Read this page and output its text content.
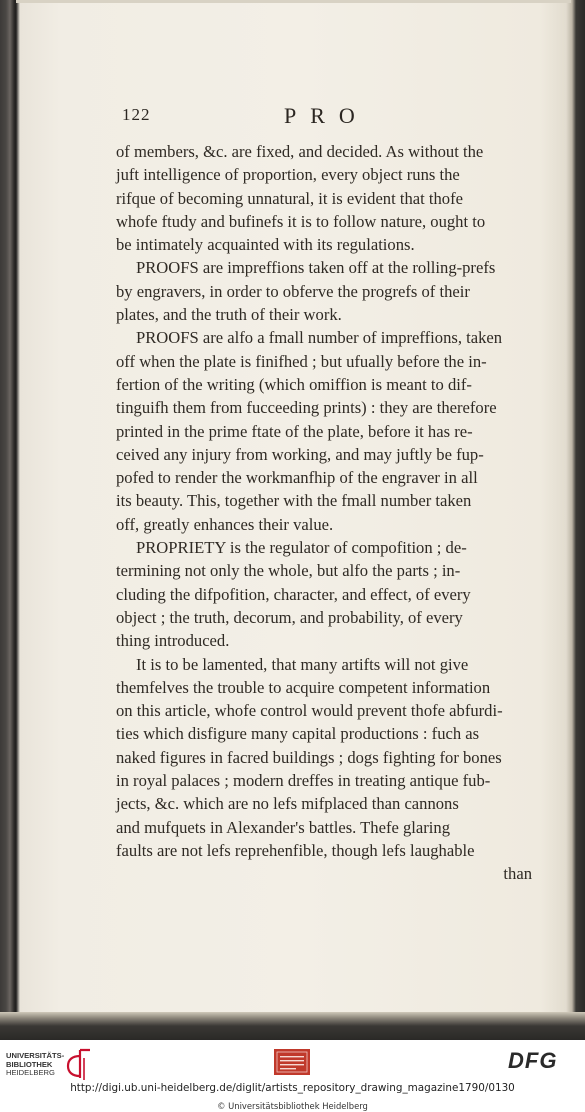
122	PRO

of members, &c. are fixed, and decided. As without the

juft intelligence of proportion, every object runs the

rifque of becoming unnatural, it is evident that thofe

whofe ftudy and bufinefs it is to follow nature, ought to

be intimately acquainted with its regulations.

PROOFS are impreffions taken off at the rolling-prefs

by engravers, in order to obferve the progrefs of their

plates, and the truth of their work.

PROOFS are alfo a fmall number of impreffions, taken

off when the plate is finifhed ; but ufually before the in-

fertion of the writing (which omiffion is meant to dif-

tinguifh them from fucceeding prints) : they are therefore

printed in the prime ftate of the plate, before it has re-

ceived any injury from working, and may juftly be fup-

pofed to render the workmanfhip of the engraver in all

its beauty. This, together with the fmall number taken

off, greatly enhances their value.

PROPRIETY is the regulator of compofition ; de-

termining not only the whole, but alfo the parts ; in-

cluding the difpofition, character, and effect, of every

object ; the truth, decorum, and probability, of every

thing introduced.

It is to be lamented, that many artifts will not give

themfelves the trouble to acquire competent information

on this article, whofe control would prevent thofe abfurdi-

ties which disfigure many capital productions : fuch as

naked figures in facred buildings ; dogs fighting for bones

in royal palaces ; modern dreffes in treating antique fub-

jects, &c. which are no lefs mifplaced than cannons

and mufquets in Alexander's battles. Thefe glaring

faults are not lefs reprehenfible, though lefs laughable

than

UNIVERSITÄTS-
BIBLIOTHEK
HEIDELBERG	DFG
http://digi.ub.uni-heidelberg.de/diglit/artists_repository_drawing_magazine1790/0130
© Universitätsbibliothek Heidelberg
